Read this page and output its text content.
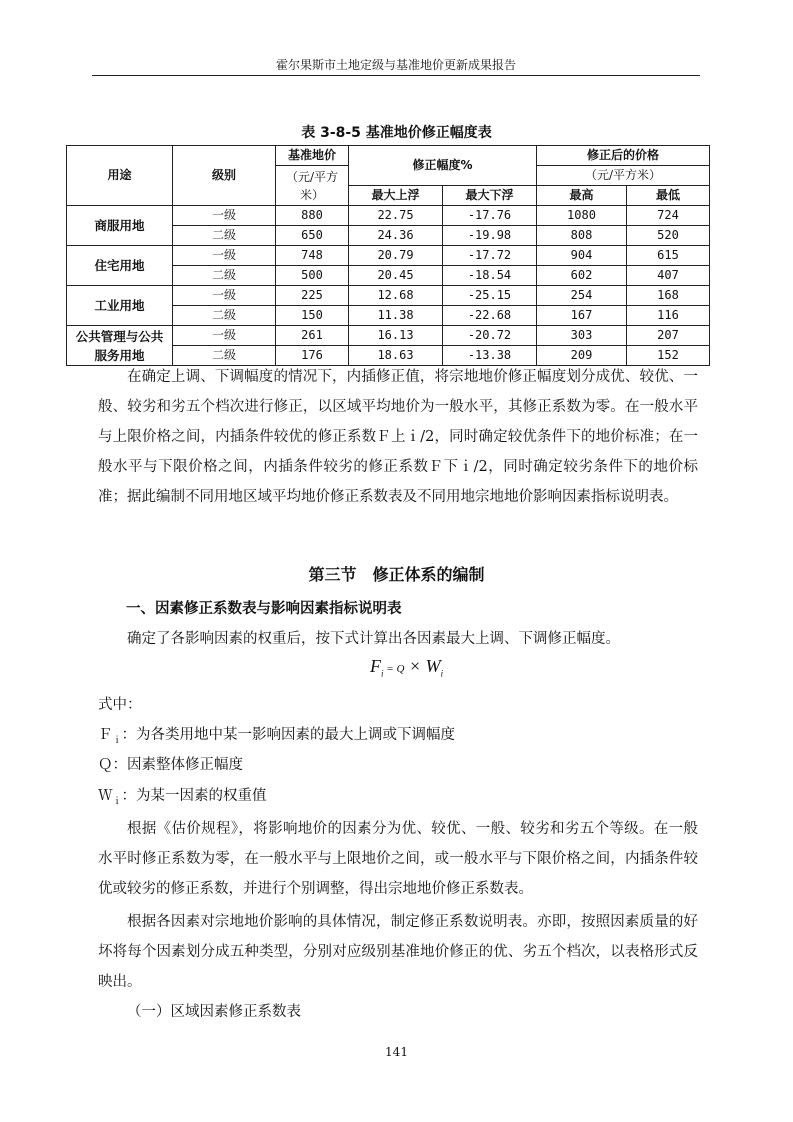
霍尔果斯市土地定级与基准地价更新成果报告
表 3-8-5 基准地价修正幅度表
用途	级别	基准地价	修正幅度%		修正后的价格	
		（元/平方米）			（元/平方米）	
			最大上浮	最大下浮	最高	最低
商服用地	一级	880	22.75	-17.76	1080	724
	二级	650	24.36	-19.98	808	520
住宅用地	一级	748	20.79	-17.72	904	615
	二级	500	20.45	-18.54	602	407
工业用地	一级	225	12.68	-25.15	254	168
	二级	150	11.38	-22.68	167	116
公共管理与公共服务用地	一级	261	16.13	-20.72	303	207
	二级	176	18.63	-13.38	209	152

在确定上调、下调幅度的情况下，内插修正值，将宗地地价修正幅度划分成优、较优、一般、较劣和劣五个档次进行修正，以区域平均地价为一般水平，其修正系数为零。在一般水平与上限价格之间，内插条件较优的修正系数Ｆ上ｉ/2，同时确定较优条件下的地价标准；在一般水平与下限价格之间，内插条件较劣的修正系数Ｆ下ｉ/2，同时确定较劣条件下的地价标准；据此编制不同用地区域平均地价修正系数表及不同用地宗地地价影响因素指标说明表。

第三节　修正体系的编制
一、因素修正系数表与影响因素指标说明表
确定了各影响因素的权重后，按下式计算出各因素最大上调、下调修正幅度。
$F_i = Q \times W_i$
式中：
Ｆ$_i$：为各类用地中某一影响因素的最大上调或下调幅度
Ｑ：因素整体修正幅度
Ｗ$_i$：为某一因素的权重值

根据《估价规程》，将影响地价的因素分为优、较优、一般、较劣和劣五个等级。在一般水平时修正系数为零，在一般水平与上限地价之间，或一般水平与下限价格之间，内插条件较优或较劣的修正系数，并进行个别调整，得出宗地地价修正系数表。

根据各因素对宗地地价影响的具体情况，制定修正系数说明表。亦即，按照因素质量的好坏将每个因素划分成五种类型，分别对应级别基准地价修正的优、劣五个档次，以表格形式反映出。

（一）区域因素修正系数表
141
